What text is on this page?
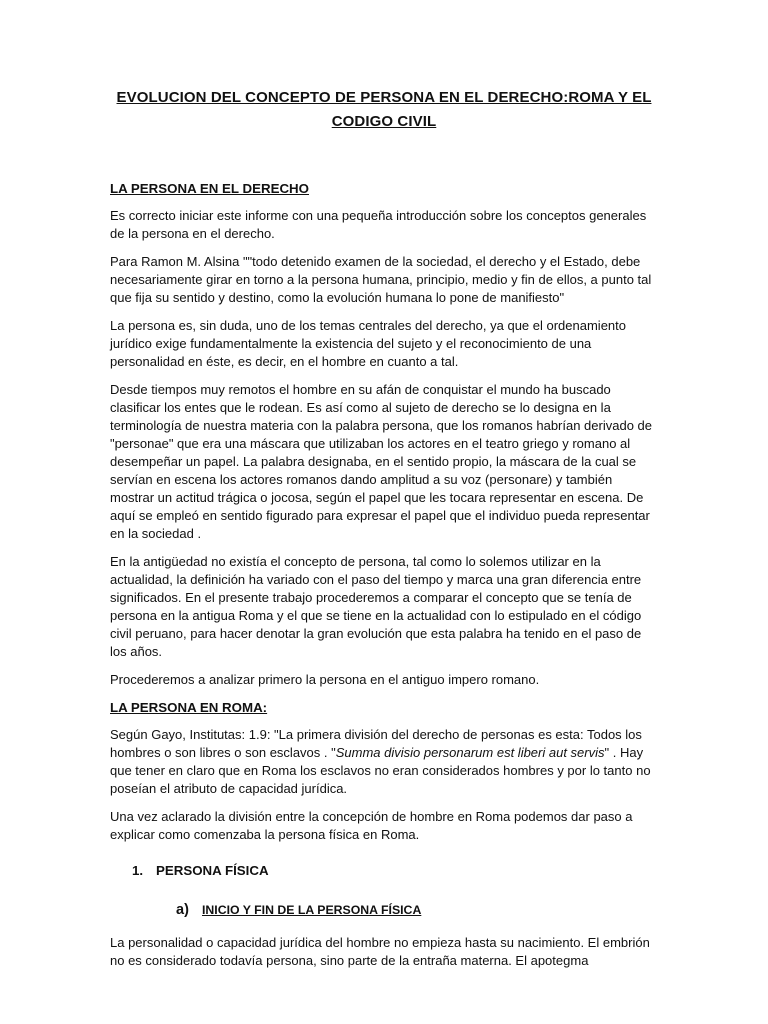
EVOLUCION DEL CONCEPTO DE PERSONA EN EL DERECHO:ROMA Y EL CODIGO CIVIL
LA PERSONA EN EL DERECHO

Es correcto iniciar este informe con una pequeña introducción sobre los conceptos generales de la persona en el derecho.

Para Ramon M. Alsina ""todo detenido examen de la sociedad, el derecho y el Estado, debe necesariamente girar en torno a la persona humana, principio, medio y fin de ellos, a punto tal que fija su sentido y destino, como la evolución humana lo pone de manifiesto"

La persona es, sin duda, uno de los temas centrales del derecho, ya que el ordenamiento jurídico exige fundamentalmente la existencia del sujeto y el reconocimiento de una personalidad en éste, es decir, en el hombre en cuanto a tal.

Desde tiempos muy remotos el hombre en su afán de conquistar el mundo ha buscado clasificar los entes que le rodean. Es así como al sujeto de derecho se lo designa en la terminología de nuestra materia con la palabra persona, que los romanos habrían derivado de "personae" que era una máscara que utilizaban los actores en el teatro griego y romano al desempeñar un papel. La palabra designaba, en el sentido propio, la máscara de la cual se servían en escena los actores romanos dando amplitud a su voz (personare) y también mostrar un actitud trágica o jocosa, según el papel que les tocara representar en escena. De aquí se empleó en sentido figurado para expresar el papel que el individuo pueda representar en la sociedad .

En la antigüedad no existía el concepto de persona, tal como lo solemos utilizar en la actualidad, la definición ha variado con el paso del tiempo y marca una gran diferencia entre significados. En el presente trabajo procederemos a comparar el concepto que se tenía de persona en la antigua Roma y el que se tiene en la actualidad con lo estipulado en el código civil peruano, para hacer denotar la gran evolución que esta palabra ha tenido en el paso de los años.

Procederemos a analizar primero la persona en el antiguo impero romano.

LA PERSONA EN ROMA:

Según Gayo, Institutas: 1.9: "La primera división del derecho de personas es esta: Todos los hombres o son libres o son esclavos . "Summa divisio personarum est liberi aut servis" . Hay que tener en claro que en Roma los esclavos no eran considerados hombres y por lo tanto no poseían el atributo de capacidad jurídica.

Una vez aclarado la división entre la concepción de hombre en Roma podemos dar paso a explicar como comenzaba la persona física en Roma.

1. PERSONA FÍSICA
a)	INICIO Y FIN DE LA PERSONA FÍSICA

La personalidad o capacidad jurídica del hombre no empieza hasta su nacimiento. El embrión no es considerado todavía persona, sino parte de la entraña materna. El apotegma
